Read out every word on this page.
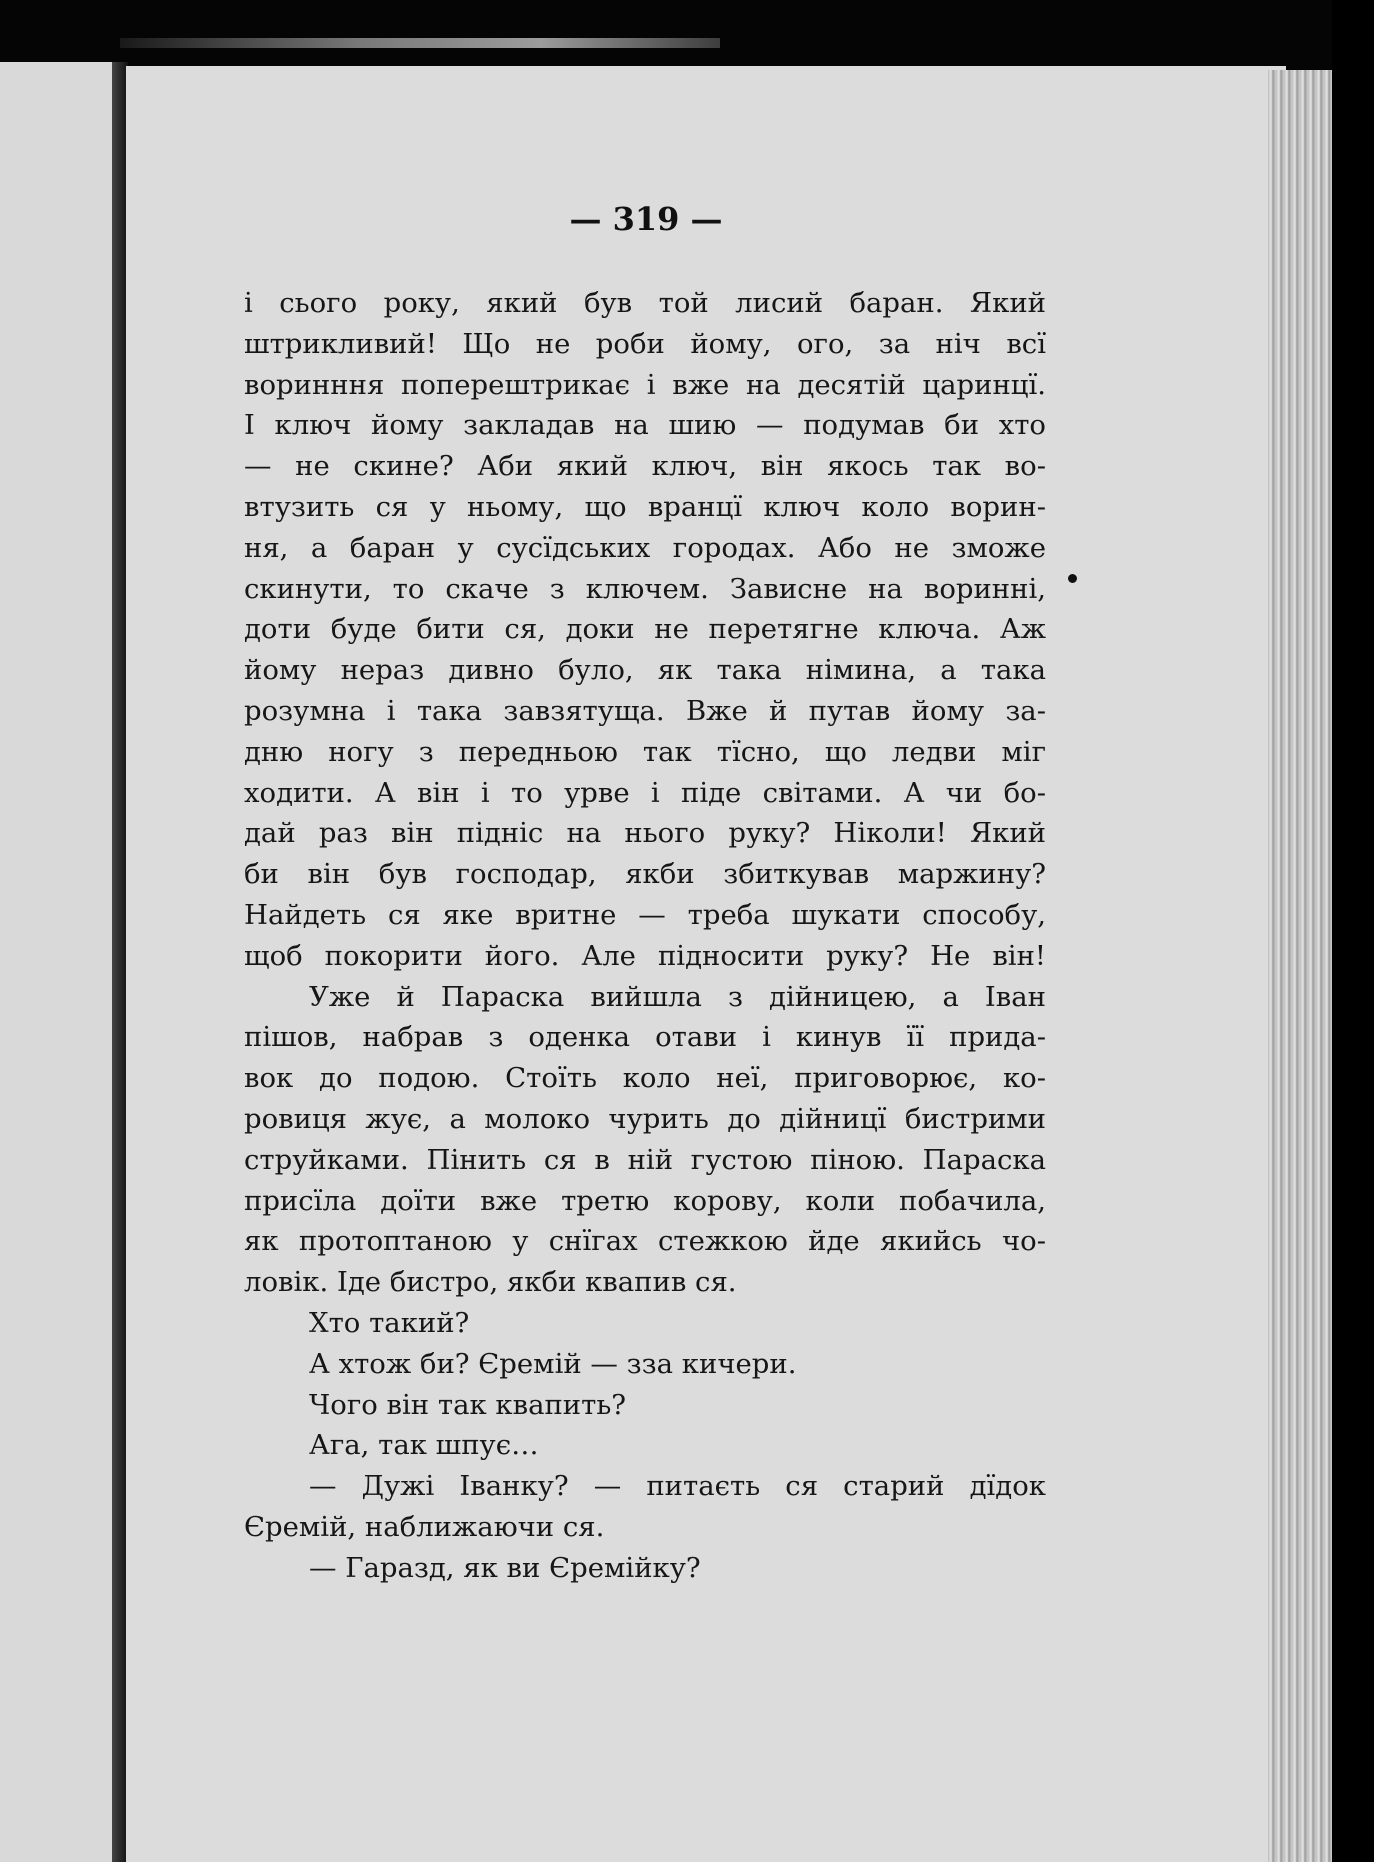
— 319 —
і сього року, який був той лисий баран. Який
штрикливий! Що не роби йому, ого, за ніч всї
воринння поперештрикає і вже на десятій царинцї.
І ключ йому закладав на шию — подумав би хто
— не скине? Аби який ключ, він якось так во-
втузить ся у ньому, що вранцї ключ коло ворин-
ня, а баран у сусїдських городах. Або не зможе
скинути, то скаче з ключем. Зависне на воринні,
доти буде бити ся, доки не перетягне ключа. Аж
йому нераз дивно було, як така німина, а така
розумна і така завзятуща. Вже й путав йому за-
дню ногу з передньою так тїсно, що ледви міг
ходити. А він і то урве і піде світами. А чи бо-
дай раз він підніс на нього руку? Ніколи! Який
би він був господар, якби збиткував маржину?
Найдеть ся яке вритне — треба шукати способу,
щоб покорити його. Але підносити руку? Не він!
Уже й Параска вийшла з дійницею, а Іван
пішов, набрав з оденка отави і кинув її прида-
вок до подою. Стоїть коло неї, приговорює, ко-
ровиця жує, а молоко чурить до дійницї бистрими
струйками. Пінить ся в ній густою піною. Параска
присїла доїти вже третю корову, коли побачила,
як протоптаною у снїгах стежкою йде якийсь чо-
ловік. Іде бистро, якби квапив ся.
Хто такий?
А хтож би? Єремій — зза кичери.
Чого він так квапить?
Ага, так шпує…
— Дужі Іванку? — питаєть ся старий дїдок
Єремій, наближаючи ся.
— Гаразд, як ви Єремійку?
